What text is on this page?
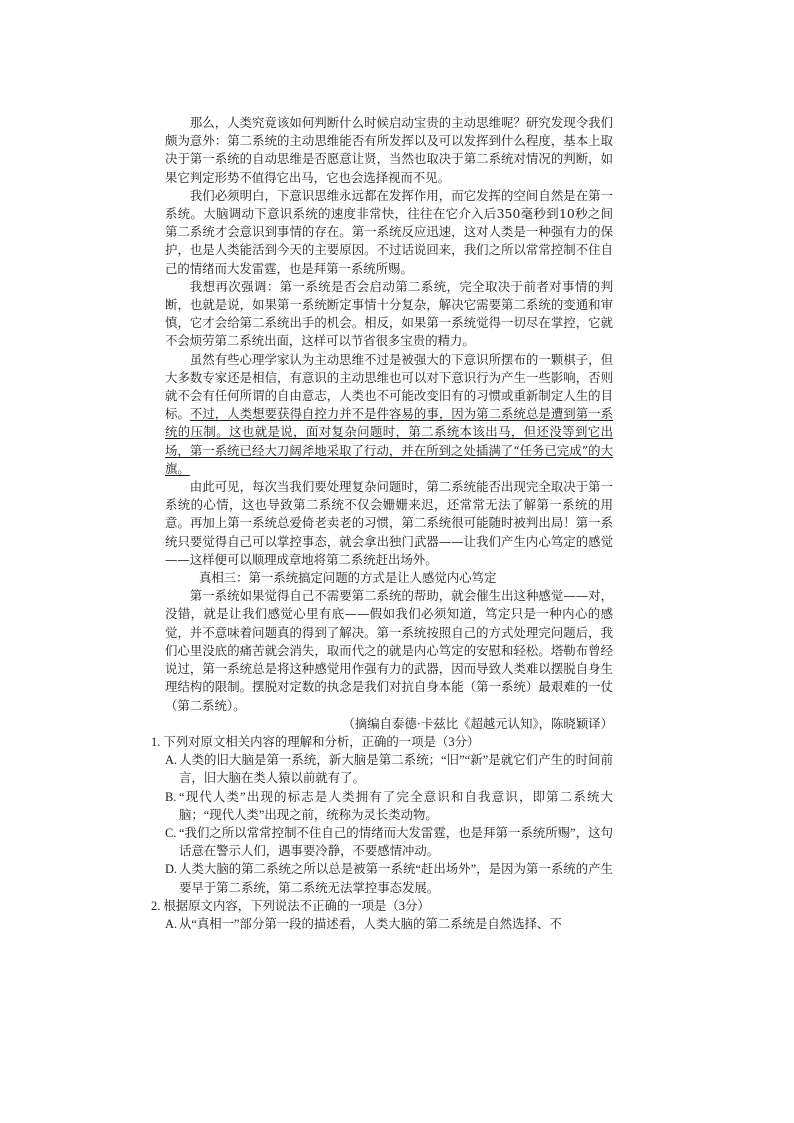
那么，人类究竟该如何判断什么时候启动宝贵的主动思维呢？研究发现令我们颇为意外：第二系统的主动思维能否有所发挥以及可以发挥到什么程度，基本上取决于第一系统的自动思维是否愿意让贤，当然也取决于第二系统对情况的判断，如果它判定形势不值得它出马，它也会选择视而不见。

我们必须明白，下意识思维永远都在发挥作用，而它发挥的空间自然是在第一系统。大脑调动下意识系统的速度非常快，往往在它介入后350毫秒到10秒之间第二系统才会意识到事情的存在。第一系统反应迅速，这对人类是一种强有力的保护，也是人类能活到今天的主要原因。不过话说回来，我们之所以常常控制不住自己的情绪而大发雷霆，也是拜第一系统所赐。

我想再次强调：第一系统是否会启动第二系统，完全取决于前者对事情的判断，也就是说，如果第一系统断定事情十分复杂，解决它需要第二系统的变通和审慎，它才会给第二系统出手的机会。相反，如果第一系统觉得一切尽在掌控，它就不会烦劳第二系统出面，这样可以节省很多宝贵的精力。

虽然有些心理学家认为主动思维不过是被强大的下意识所摆布的一颗棋子，但大多数专家还是相信，有意识的主动思维也可以对下意识行为产生一些影响，否则就不会有任何所谓的自由意志，人类也不可能改变旧有的习惯或重新制定人生的目标。不过，人类想要获得自控力并不是件容易的事，因为第二系统总是遭到第一系统的压制。这也就是说，面对复杂问题时，第二系统本该出马，但还没等到它出场，第一系统已经大刀阔斧地采取了行动，并在所到之处插满了“任务已完成”的大旗。

由此可见，每次当我们要处理复杂问题时，第二系统能否出现完全取决于第一系统的心情，这也导致第二系统不仅会姗姗来迟，还常常无法了解第一系统的用意。再加上第一系统总爱倚老卖老的习惯，第二系统很可能随时被判出局！第一系统只要觉得自己可以掌控事态，就会拿出独门武器——让我们产生内心笃定的感觉——这样便可以顺理成章地将第二系统赶出场外。

真相三：第一系统搞定问题的方式是让人感觉内心笃定

第一系统如果觉得自己不需要第二系统的帮助，就会催生出这种感觉——对，没错，就是让我们感觉心里有底——假如我们必须知道，笃定只是一种内心的感觉，并不意味着问题真的得到了解决。第一系统按照自己的方式处理完问题后，我们心里没底的痛苦就会消失，取而代之的就是内心笃定的安慰和轻松。塔勒布曾经说过，第一系统总是将这种感觉用作强有力的武器，因而导致人类难以摆脱自身生理结构的限制。摆脱对定数的执念是我们对抗自身本能（第一系统）最艰难的一仗（第二系统）。

（摘编自泰德·卡兹比《超越元认知》，陈晓颖译）

1. 下列对原文相关内容的理解和分析，正确的一项是（3分）

A. 人类的旧大脑是第一系统，新大脑是第二系统；“旧”“新”是就它们产生的时间前言，旧大脑在类人猿以前就有了。

B. “现代人类”出现的标志是人类拥有了完全意识和自我意识，即第二系统大脑；“现代人类”出现之前，统称为灵长类动物。

C. “我们之所以常常控制不住自己的情绪而大发雷霆，也是拜第一系统所赐”，这句话意在警示人们，遇事要冷静，不要感情冲动。

D. 人类大脑的第二系统之所以总是被第一系统“赶出场外”，是因为第一系统的产生要早于第二系统，第二系统无法掌控事态发展。

2. 根据原文内容，下列说法不正确的一项是（3分）

A. 从“真相一”部分第一段的描述看，人类大脑的第二系统是自然选择、不
